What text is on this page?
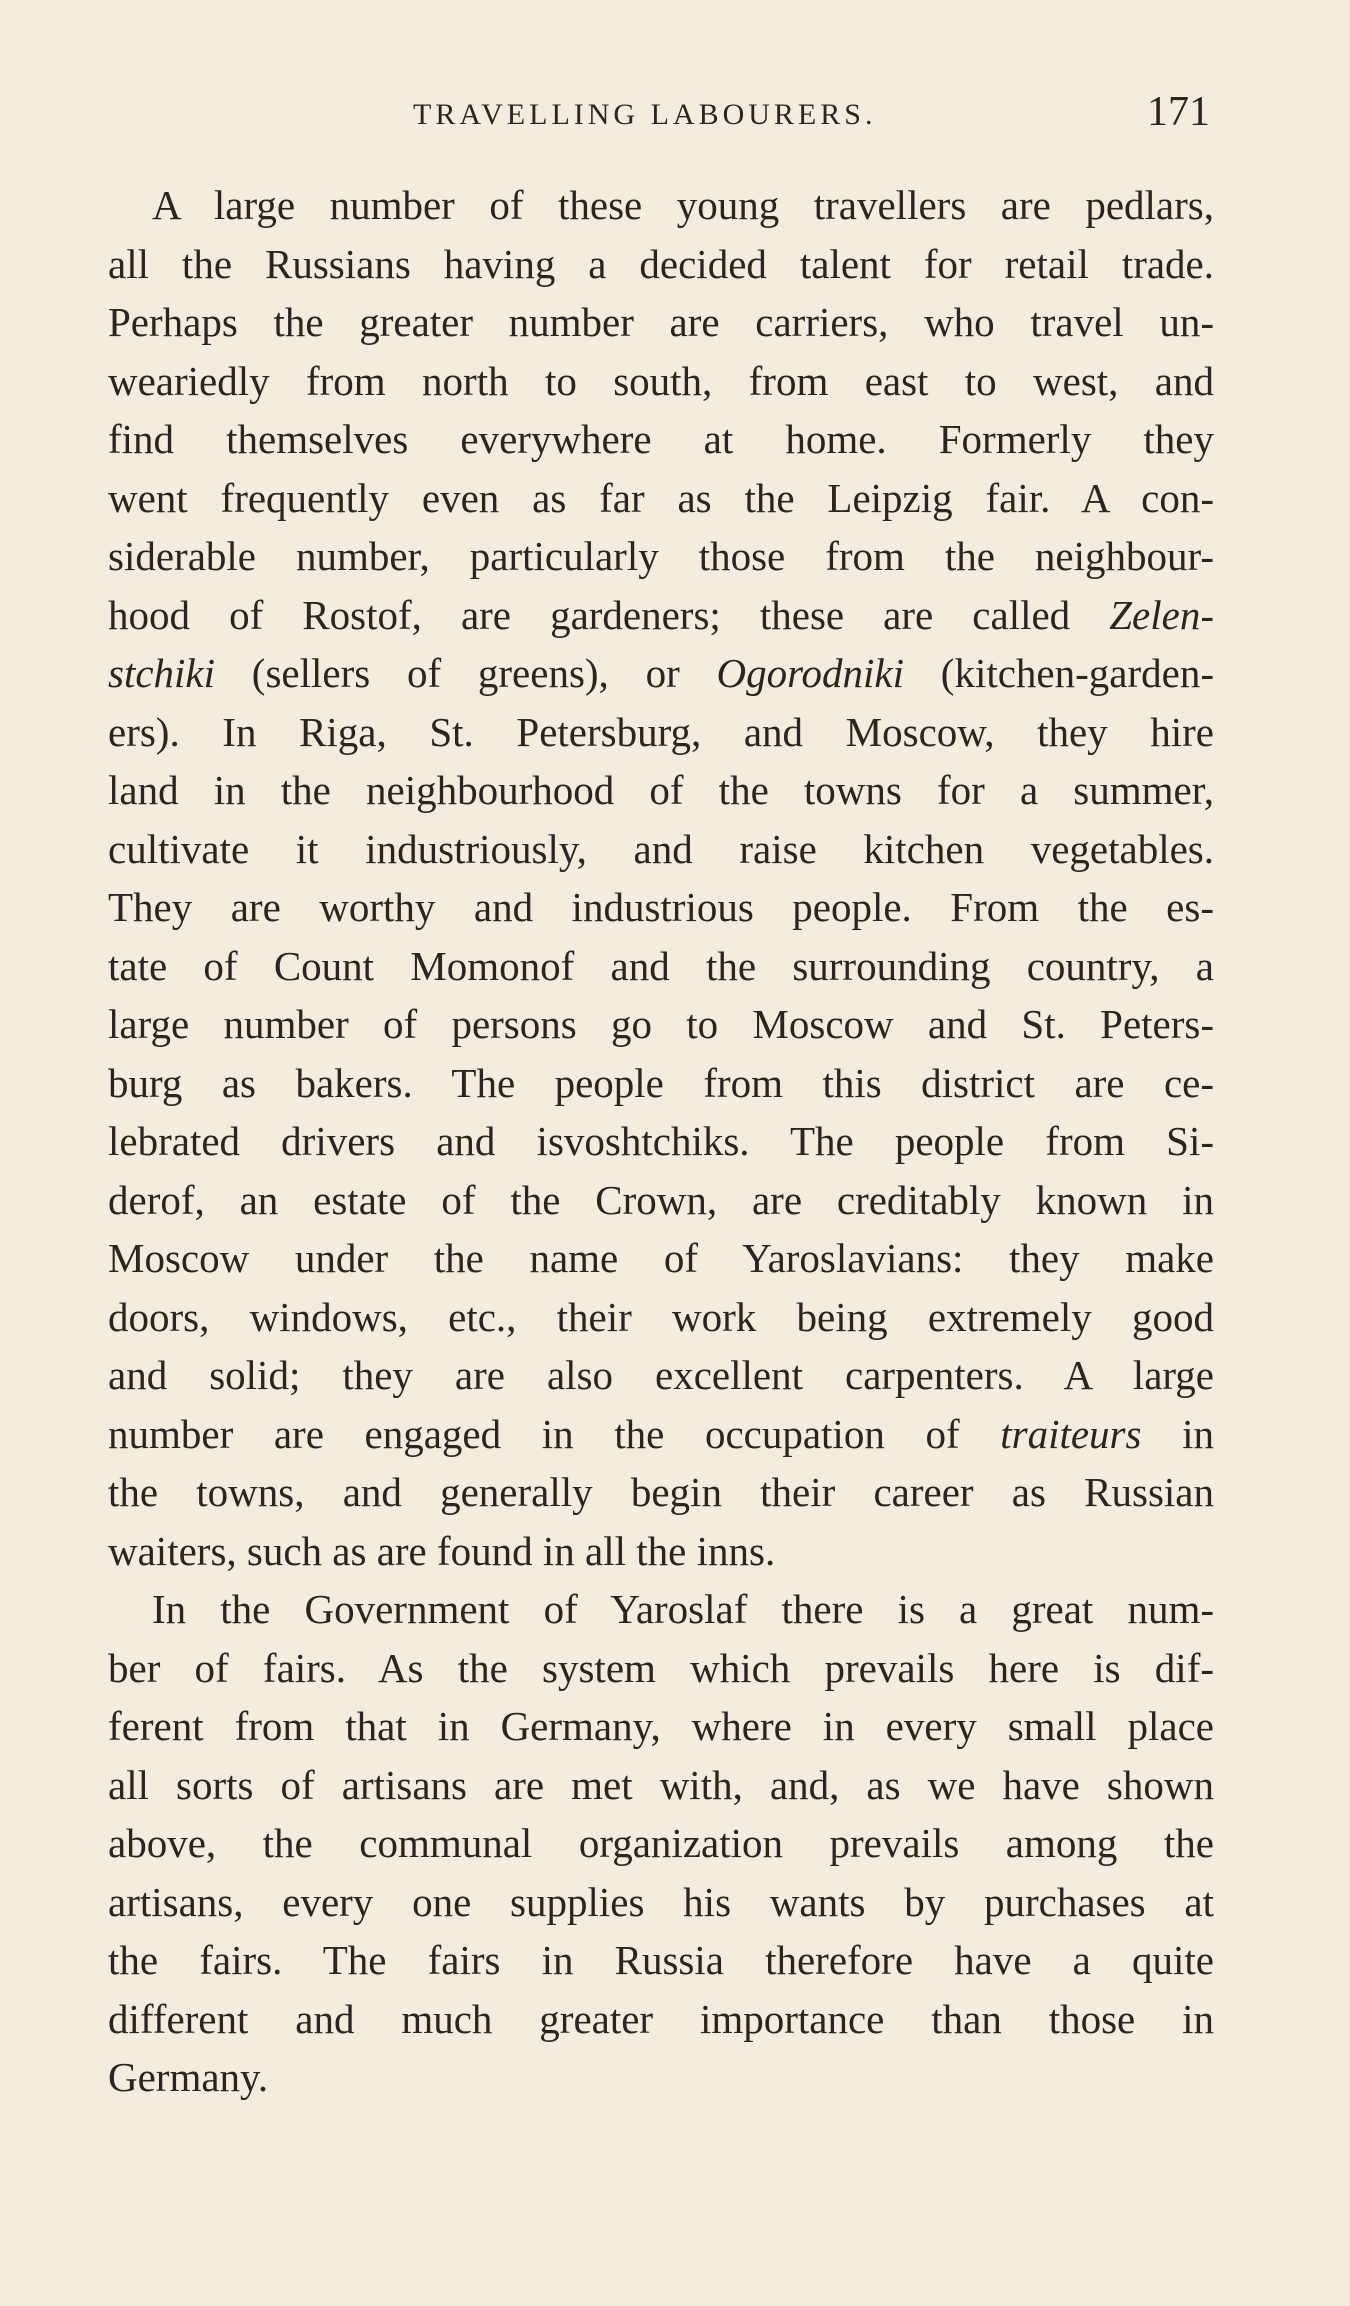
TRAVELLING LABOURERS.	171
A large number of these young travellers are pedlars,
all the Russians having a decided talent for retail trade.
Perhaps the greater number are carriers, who travel un-
weariedly from north to south, from east to west, and
find themselves everywhere at home. Formerly they
went frequently even as far as the Leipzig fair. A con-
siderable number, particularly those from the neighbour-
hood of Rostof, are gardeners; these are called Zelen-
stchiki (sellers of greens), or Ogorodniki (kitchen-garden-
ers). In Riga, St. Petersburg, and Moscow, they hire
land in the neighbourhood of the towns for a summer,
cultivate it industriously, and raise kitchen vegetables.
They are worthy and industrious people. From the es-
tate of Count Momonof and the surrounding country, a
large number of persons go to Moscow and St. Peters-
burg as bakers. The people from this district are ce-
lebrated drivers and isvoshtchiks. The people from Si-
derof, an estate of the Crown, are creditably known in
Moscow under the name of Yaroslavians: they make
doors, windows, etc., their work being extremely good
and solid; they are also excellent carpenters. A large
number are engaged in the occupation of traiteurs in
the towns, and generally begin their career as Russian
waiters, such as are found in all the inns.
In the Government of Yaroslaf there is a great num-
ber of fairs. As the system which prevails here is dif-
ferent from that in Germany, where in every small place
all sorts of artisans are met with, and, as we have shown
above, the communal organization prevails among the
artisans, every one supplies his wants by purchases at
the fairs. The fairs in Russia therefore have a quite
different and much greater importance than those in
Germany.
